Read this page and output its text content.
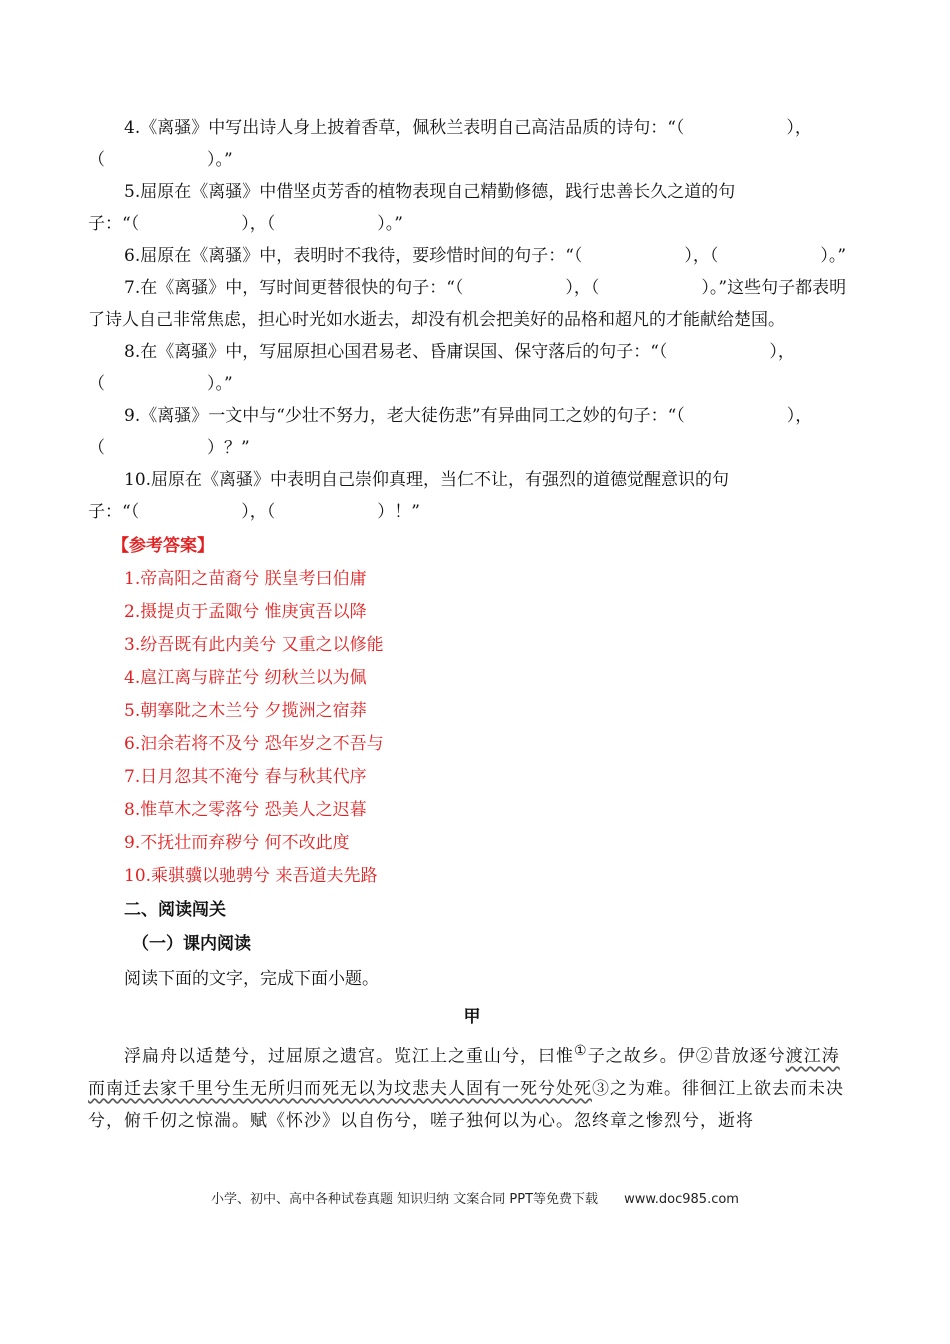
4.《离骚》中写出诗人身上披着香草，佩秋兰表明自己高洁品质的诗句：“（　　　　　　），（　　　　　　）。”

5.屈原在《离骚》中借坚贞芳香的植物表现自己精勤修德，践行忠善长久之道的句子：“（　　　　　　），（　　　　　　）。”

6.屈原在《离骚》中，表明时不我待，要珍惜时间的句子：“（　　　　　　），（　　　　　　）。”

7.在《离骚》中，写时间更替很快的句子：“（　　　　　　），（　　　　　　）。”这些句子都表明了诗人自己非常焦虑，担心时光如水逝去，却没有机会把美好的品格和超凡的才能献给楚国。

8.在《离骚》中，写屈原担心国君易老、昏庸误国、保守落后的句子：“（　　　　　　），（　　　　　　）。”

9.《离骚》一文中与“少壮不努力，老大徒伤悲”有异曲同工之妙的句子：“（　　　　　　），（　　　　　　）？”

10.屈原在《离骚》中表明自己崇仰真理，当仁不让，有强烈的道德觉醒意识的句子：“（　　　　　　），（　　　　　　）！”

【参考答案】
1.帝高阳之苗裔兮 朕皇考曰伯庸
2.摄提贞于孟陬兮 惟庚寅吾以降
3.纷吾既有此内美兮 又重之以修能
4.扈江离与辟芷兮 纫秋兰以为佩
5.朝搴阰之木兰兮 夕揽洲之宿莽
6.汩余若将不及兮 恐年岁之不吾与
7.日月忽其不淹兮 春与秋其代序
8.惟草木之零落兮 恐美人之迟暮
9.不抚壮而弃秽兮 何不改此度
10.乘骐骥以驰骋兮 来吾道夫先路
二、阅读闯关
（一）课内阅读
阅读下面的文字，完成下面小题。
甲
浮扁舟以适楚兮，过屈原之遗宫。览江上之重山兮，曰惟①子之故乡。伊②昔放逐兮渡江涛而南迁去家千里兮生无所归而死无以为坟悲夫人固有一死兮处死③之为难。徘徊江上欲去而未决兮，俯千仞之惊湍。赋《怀沙》以自伤兮，嗟子独何以为心。忽终章之惨烈兮，逝将
小学、初中、高中各种试卷真题 知识归纳 文案合同 PPT等免费下载 www.doc985.com
